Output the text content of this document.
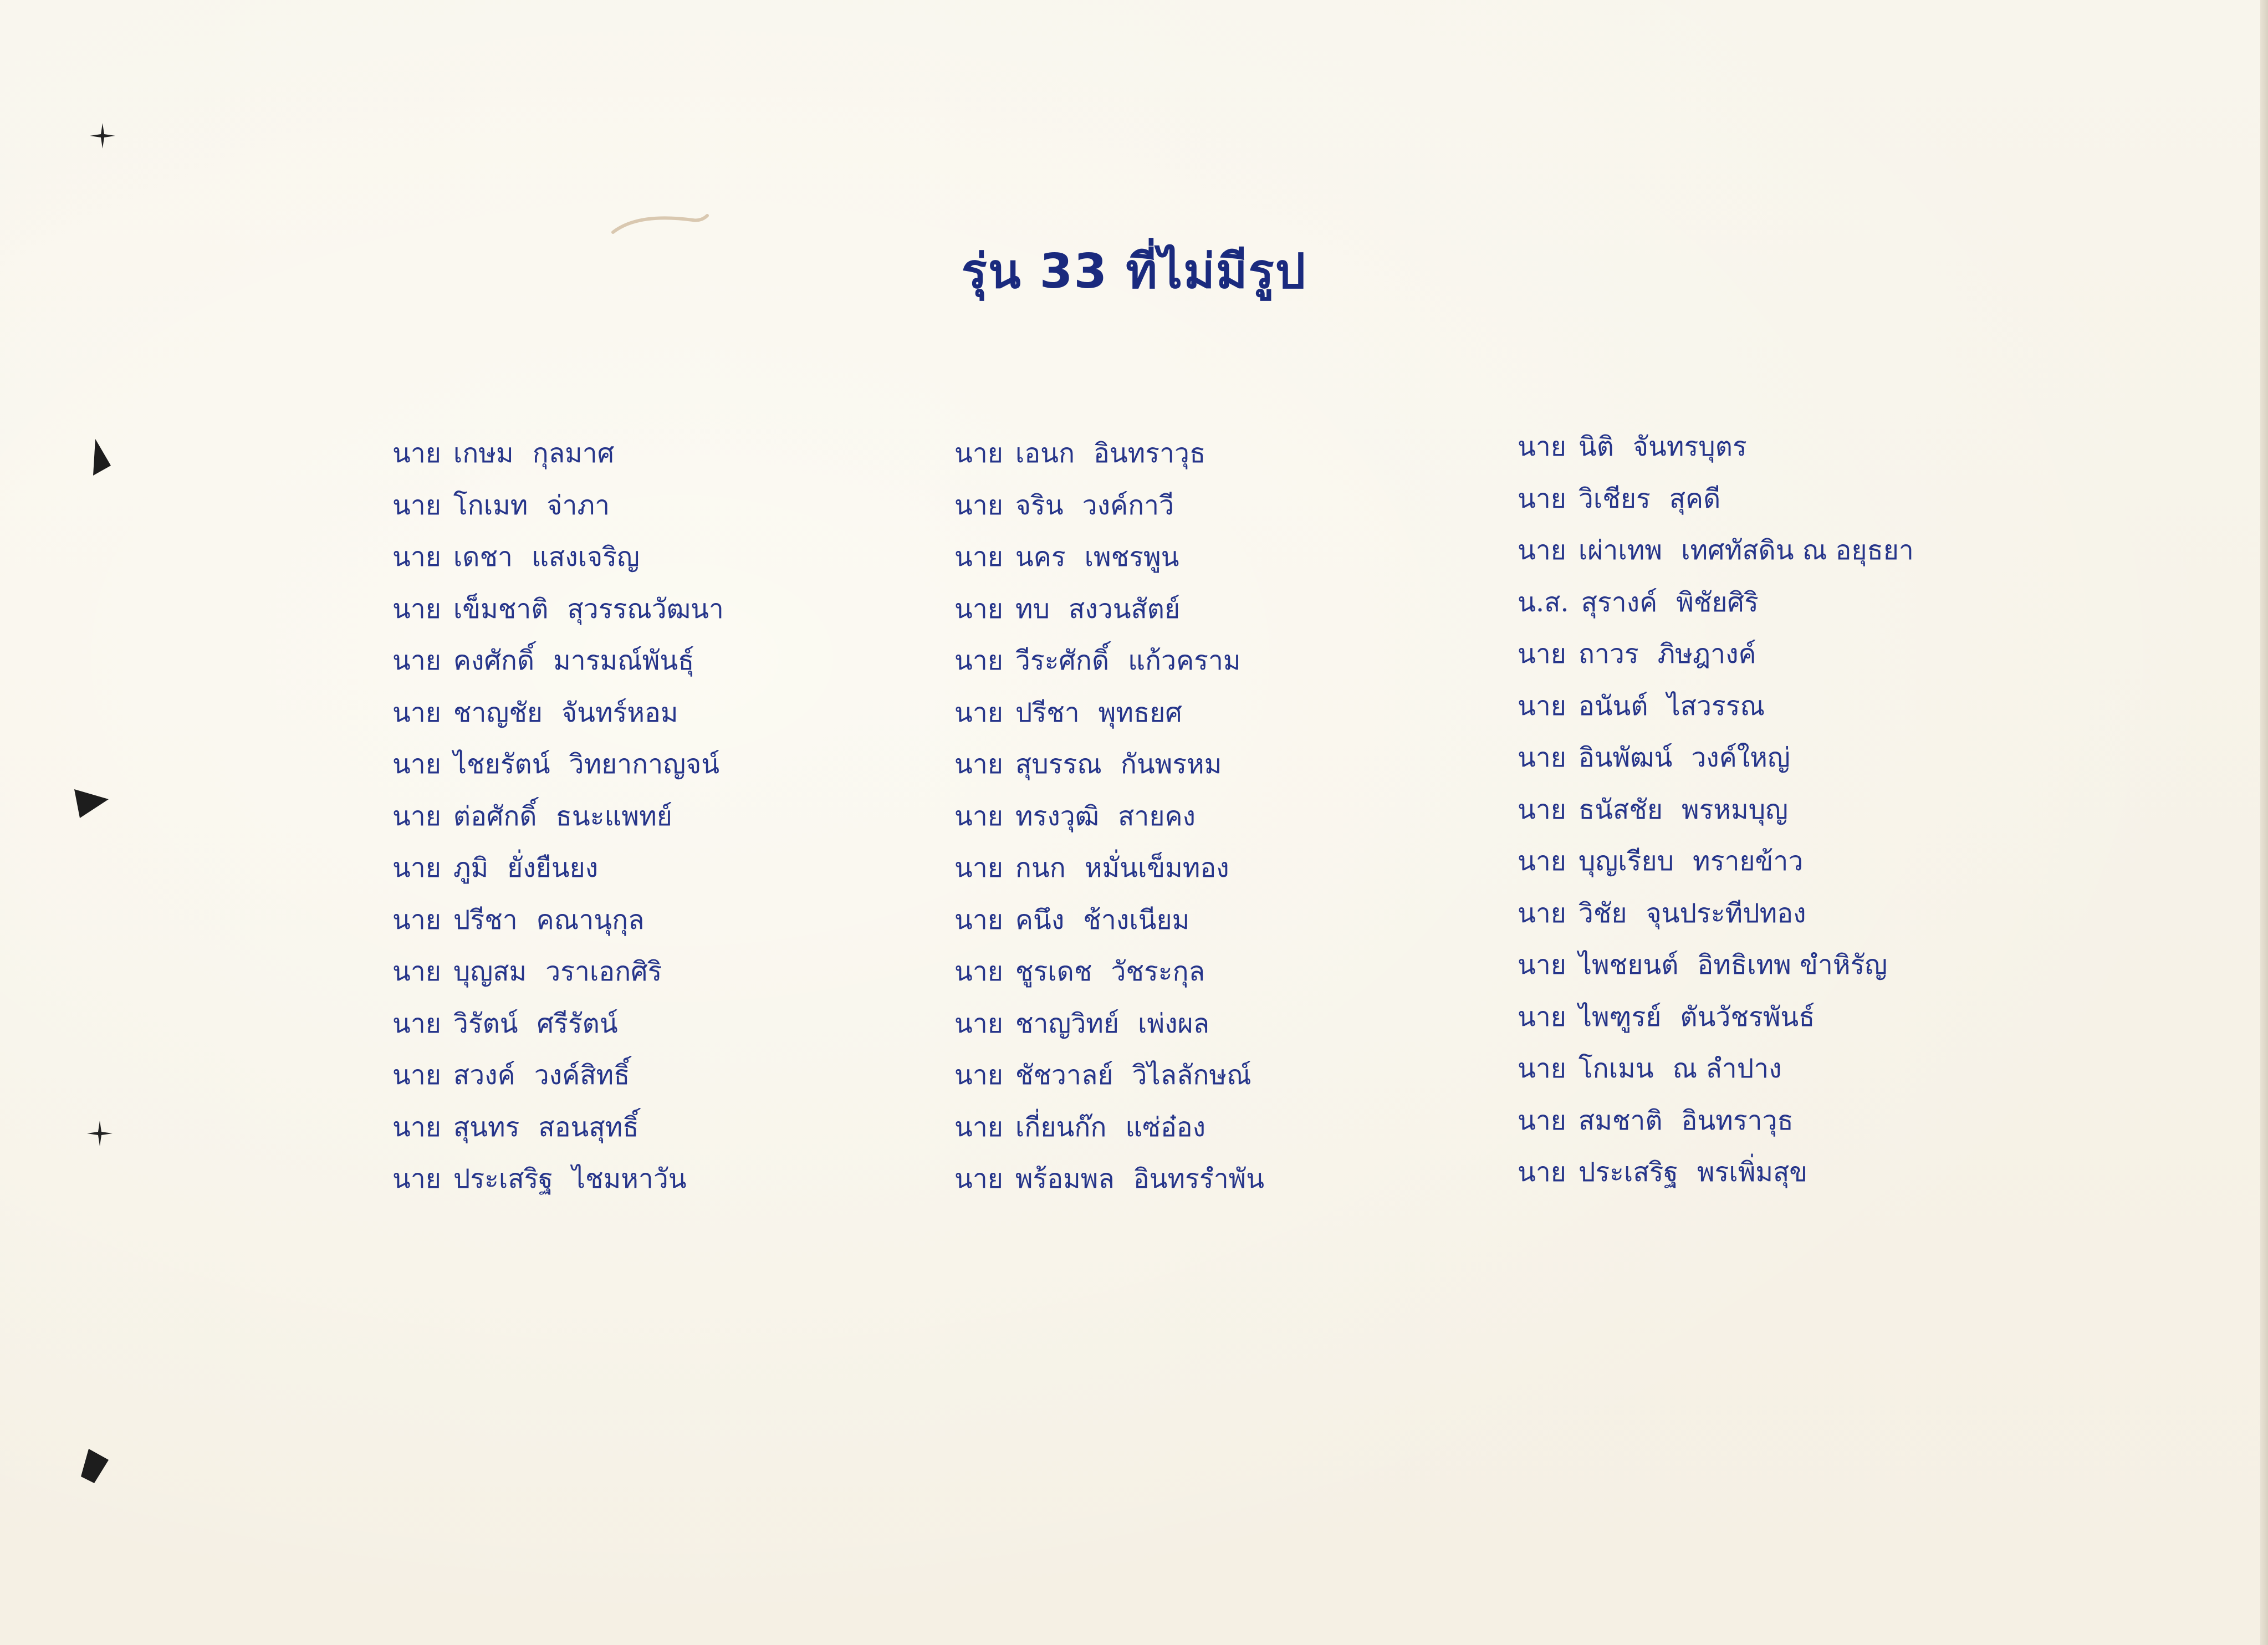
รุ่น 33 ที่ไม่มีรูป
นาย เกษม กุลมาศ
นาย โกเมท จ่าภา
นาย เดชา แสงเจริญ
นาย เข็มชาติ สุวรรณวัฒนา
นาย คงศักดิ์ มารมณ์พันธุ์
นาย ชาญชัย จันทร์หอม
นาย ไชยรัตน์ วิทยากาญจน์
นาย ต่อศักดิ์ ธนะแพทย์
นาย ภูมิ ยั่งยืนยง
นาย ปรีชา คณานุกุล
นาย บุญสม วราเอกศิริ
นาย วิรัตน์ ศรีรัตน์
นาย สวงค์ วงค์สิทธิ์
นาย สุนทร สอนสุทธิ์
นาย ประเสริฐ ไชมหาวัน
นาย เอนก อินทราวุธ
นาย จริน วงค์กาวี
นาย นคร เพชรพูน
นาย ทบ สงวนสัตย์
นาย วีระศักดิ์ แก้วคราม
นาย ปรีชา พุทธยศ
นาย สุบรรณ กันพรหม
นาย ทรงวุฒิ สายคง
นาย กนก หมั่นเข็มทอง
นาย คนึง ช้างเนียม
นาย ชูรเดช วัชระกุล
นาย ชาญวิทย์ เพ่งผล
นาย ชัชวาลย์ วิไลลักษณ์
นาย เกี่ยนก๊ก แซ่อ๋อง
นาย พร้อมพล อินทรรำพัน
นาย นิติ จันทรบุตร
นาย วิเชียร สุคดี
นาย เผ่าเทพ เทศทัสดิน ณ อยุธยา
น.ส. สุรางค์ พิชัยศิริ
นาย ถาวร ภิษฎางค์
นาย อนันต์ ไสวรรณ
นาย อินพัฒน์ วงค์ใหญ่
นาย ธนัสชัย พรหมบุญ
นาย บุญเรียบ ทรายข้าว
นาย วิชัย จุนประทีปทอง
นาย ไพชยนต์ อิทธิเทพ ขำหิรัญ
นาย ไพฑูรย์ ตันวัชรพันธ์
นาย โกเมน ณ ลำปาง
นาย สมชาติ อินทราวุธ
นาย ประเสริฐ พรเพิ่มสุข
